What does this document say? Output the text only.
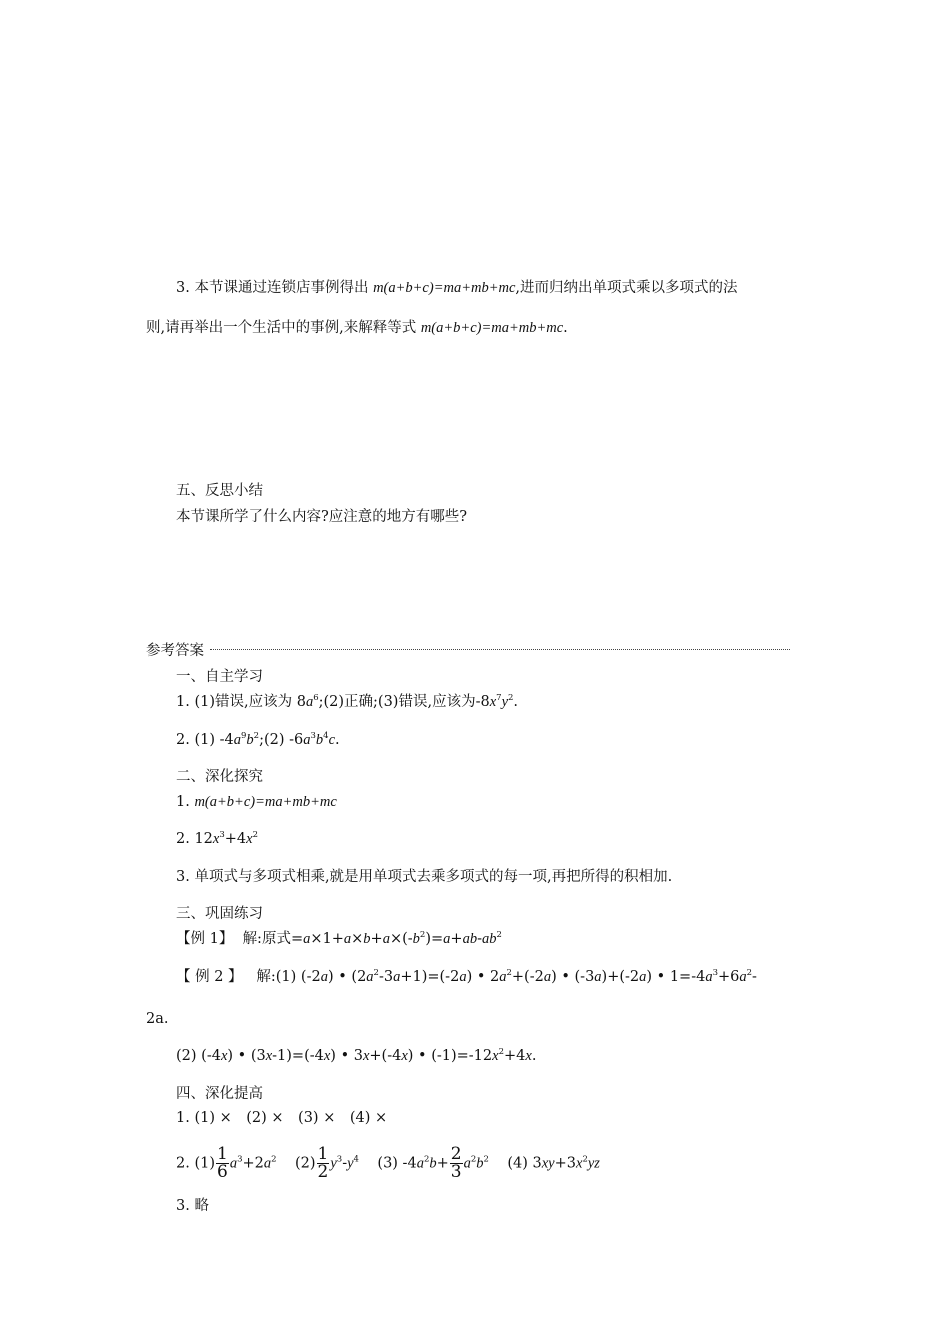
3. 本节课通过连锁店事例得出 m(a+b+c)=ma+mb+mc,进而归纳出单项式乘以多项式的法
则,请再举出一个生活中的事例,来解释等式 m(a+b+c)=ma+mb+mc.
五、反思小结
本节课所学了什么内容?应注意的地方有哪些?
参考答案
一、自主学习
1. (1)错误,应该为 $8a^6;(2)$正确;(3)错误,应该为$-8x^7y^2$.
2. (1) $-4a^9b^2;(2)$ $-6a^3b^4c$.
二、深化探究
1. m(a+b+c)=ma+mb+mc
2. $12x^3+4x^2$
3. 单项式与多项式相乘,就是用单项式去乘多项式的每一项,再把所得的积相加.
三、巩固练习
【例 1】 解:原式$=a\times 1+a\times b+a\times(-b^2)=a+ab-ab^2$
【 例 2 】 解:(1) (-2a) • $(2a^2-3a+1)=(-2a)$ • $2a^2+(-2a)$ • (-3a)+(-2a) • $1=-4a^3+6a^2-$
2a.
(2) (-4x) • (3x-1)=(-4x) • 3x+(-4x) • $(-1)=-12x^2+4x$.
四、深化提高
1. (1) ×　(2) ×　(3) ×　(4) ×
2. $(1) \frac{1}{6} a^3+2a^2$ $(2) \frac{1}{2} y^3-y^4$ (3) $-4a^2b+ \frac{2}{3} a^2b^2$ (4) $3xy+3x^2yz$
3. 略
